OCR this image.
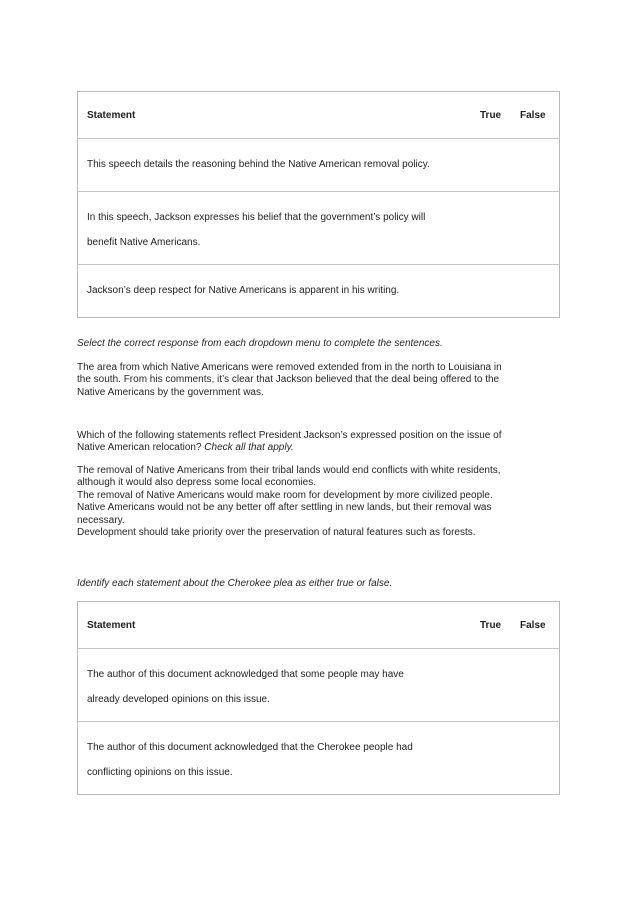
Statement	True	False

This speech details the reasoning behind the Native American removal policy.		

In this speech, Jackson expresses his belief that the government’s policy will
benefit Native Americans.		

Jackson’s deep respect for Native Americans is apparent in his writing.		

Select the correct response from each dropdown menu to complete the sentences.
The area from which Native Americans were removed extended from in the north to Louisiana in
the south. From his comments, it’s clear that Jackson believed that the deal being offered to the
Native Americans by the government was.
Which of the following statements reflect President Jackson’s expressed position on the issue of
Native American relocation? Check all that apply.
The removal of Native Americans from their tribal lands would end conflicts with white residents,
although it would also depress some local economies.
The removal of Native Americans would make room for development by more civilized people.
Native Americans would not be any better off after settling in new lands, but their removal was
necessary.
Development should take priority over the preservation of natural features such as forests.
Identify each statement about the Cherokee plea as either true or false.
Statement	True	False

The author of this document acknowledged that some people may have
already developed opinions on this issue.		

The author of this document acknowledged that the Cherokee people had
conflicting opinions on this issue.		
